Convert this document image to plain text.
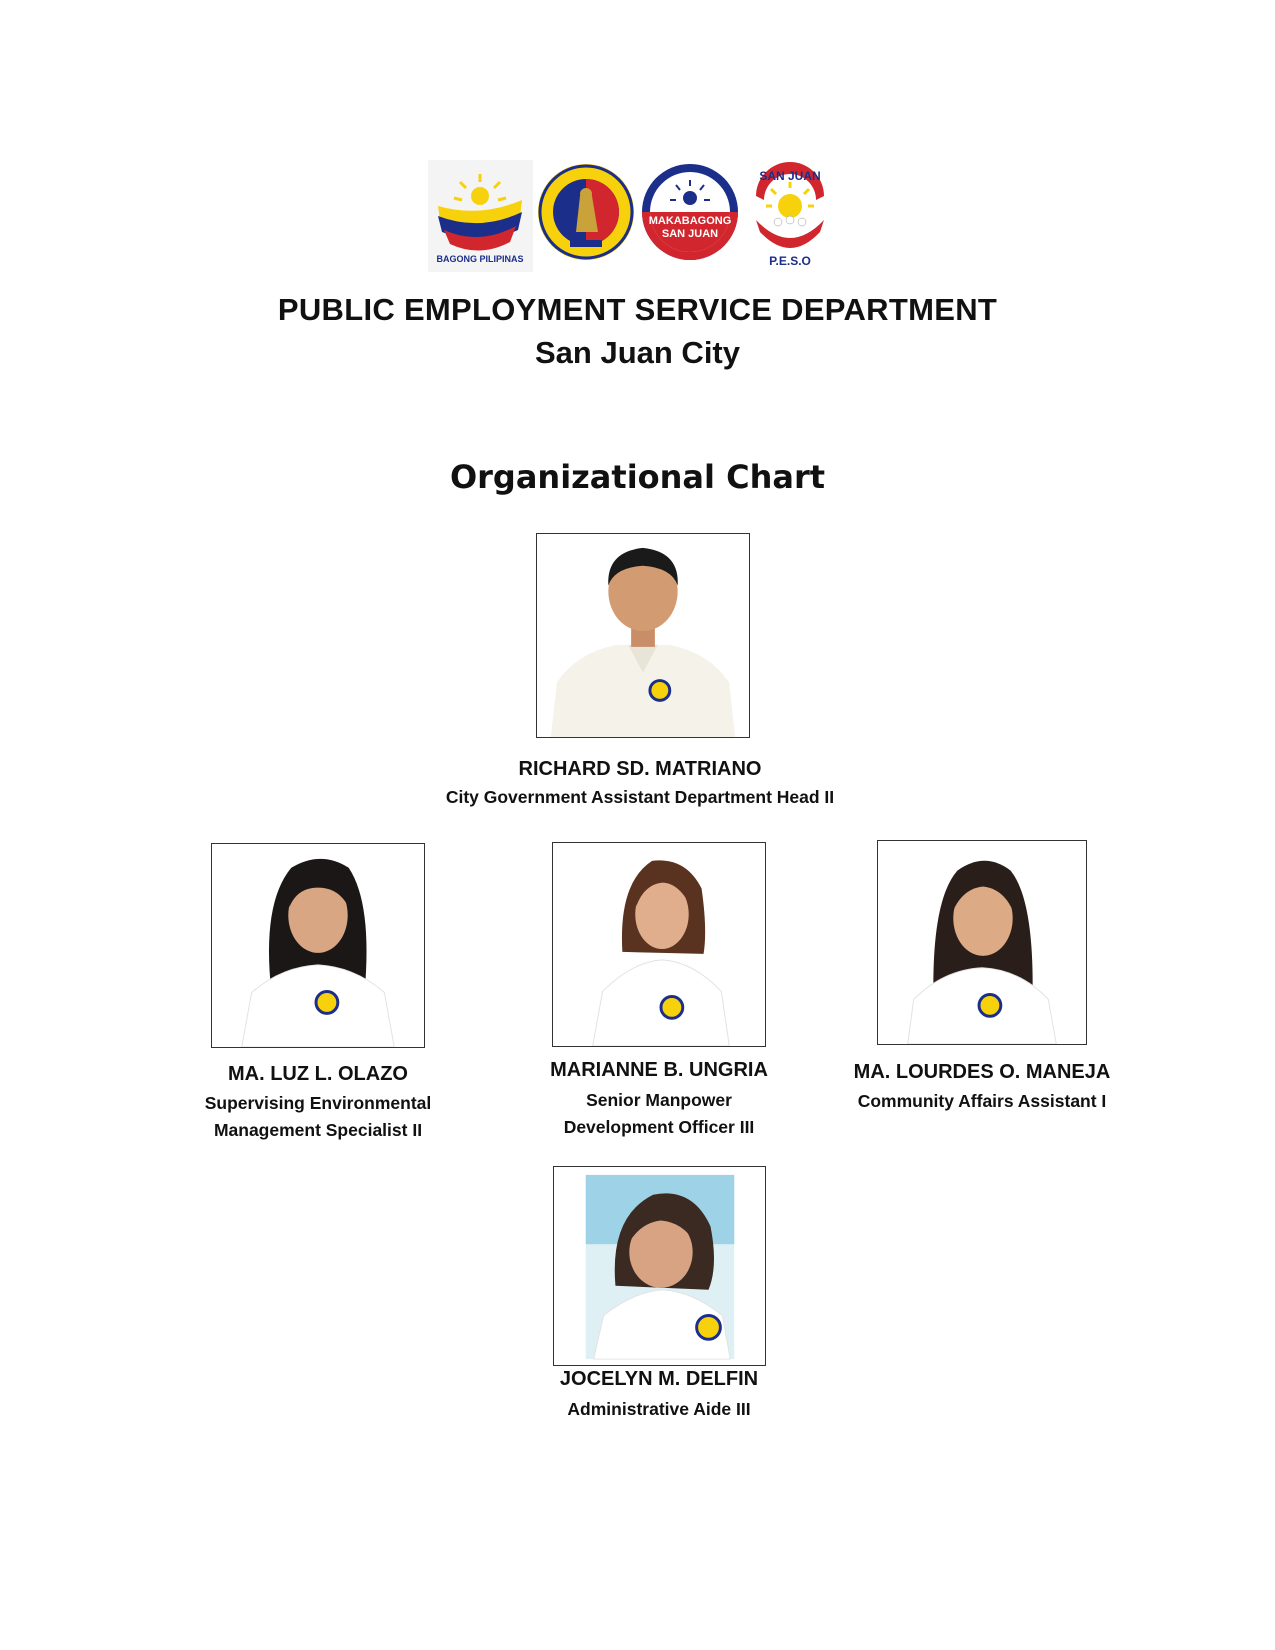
BAGONG PILIPINAS
MAKABAGONG
SAN JUAN
SAN JUAN
P.E.S.O
PUBLIC EMPLOYMENT SERVICE DEPARTMENT
San Juan City
Organizational Chart
RICHARD SD. MATRIANO
City Government Assistant Department Head II
MA. LUZ L. OLAZO
Supervising Environmental
Management Specialist II
MARIANNE B. UNGRIA
Senior Manpower
Development Officer III
MA. LOURDES O. MANEJA
Community Affairs Assistant I
JOCELYN M. DELFIN
Administrative Aide III
